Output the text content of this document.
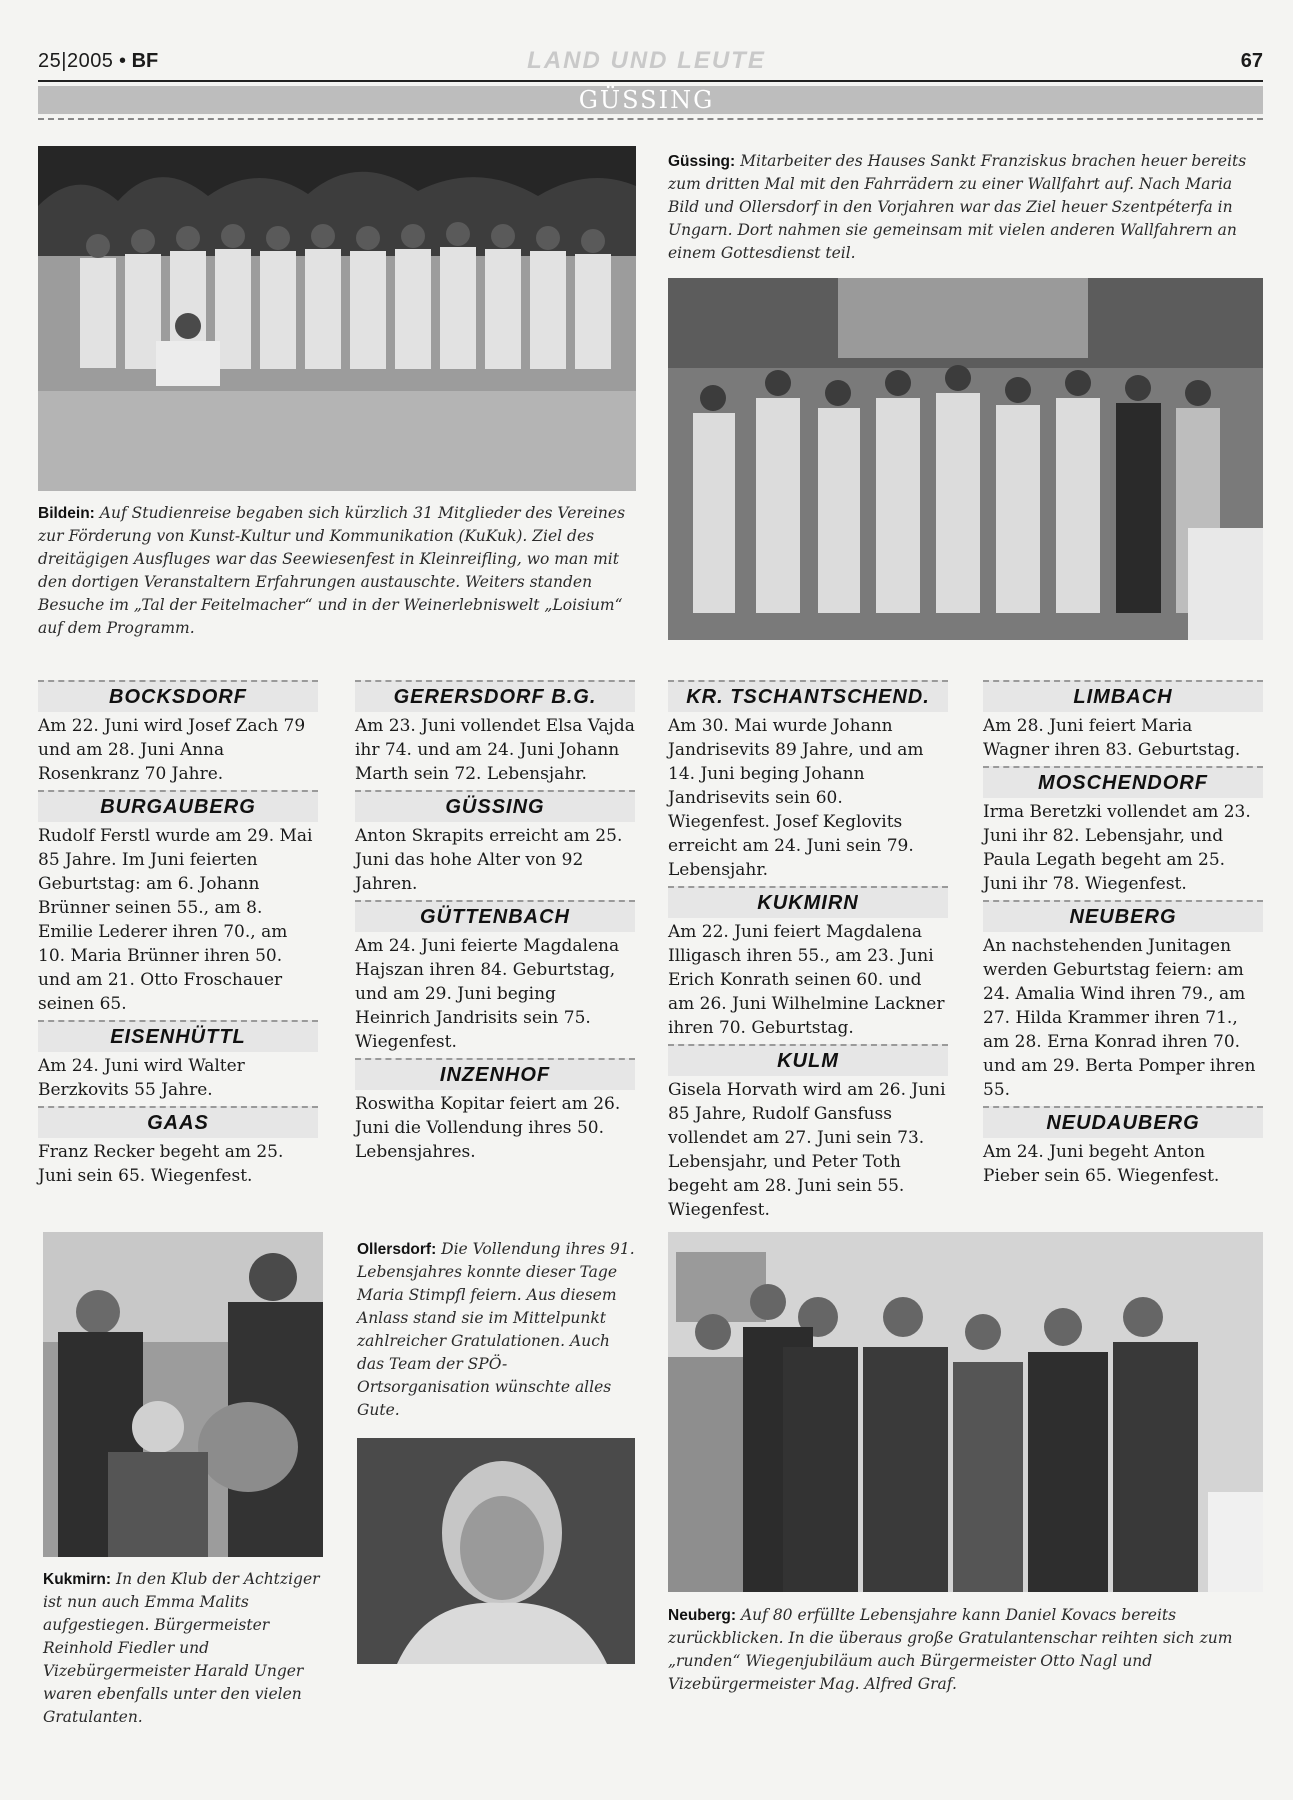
25|2005 • BF	LAND UND LEUTE	67
GÜSSING
Güssing: Mitarbeiter des Hauses Sankt Franziskus brachen heuer bereits zum dritten Mal mit den Fahrrädern zu einer Wallfahrt auf. Nach Maria Bild und Ollersdorf in den Vorjahren war das Ziel heuer Szentpéterfa in Ungarn. Dort nahmen sie gemeinsam mit vielen anderen Wallfahrern an einem Gottesdienst teil.
Bildein: Auf Studienreise begaben sich kürzlich 31 Mitglieder des Vereines zur Förderung von Kunst-Kultur und Kommunikation (KuKuk). Ziel des dreitägigen Ausfluges war das Seewiesenfest in Kleinreifling, wo man mit den dortigen Veranstaltern Erfahrungen austauschte. Weiters standen Besuche im „Tal der Feitelmacher“ und in der Weinerlebniswelt „Loisium“ auf dem Programm.
BOCKSDORF
Am 22. Juni wird Josef Zach 79 und am 28. Juni Anna Rosenkranz 70 Jahre.
BURGAUBERG
Rudolf Ferstl wurde am 29. Mai 85 Jahre. Im Juni feierten Geburtstag: am 6. Johann Brünner seinen 55., am 8. Emilie Lederer ihren 70., am 10. Maria Brünner ihren 50. und am 21. Otto Froschauer seinen 65.
EISENHÜTTL
Am 24. Juni wird Walter Berzkovits 55 Jahre.
GAAS
Franz Recker begeht am 25. Juni sein 65. Wiegenfest.
GERERSDORF B.G.
Am 23. Juni vollendet Elsa Vajda ihr 74. und am 24. Juni Johann Marth sein 72. Lebensjahr.
GÜSSING
Anton Skrapits erreicht am 25. Juni das hohe Alter von 92 Jahren.
GÜTTENBACH
Am 24. Juni feierte Magdalena Hajszan ihren 84. Geburtstag, und am 29. Juni beging Heinrich Jandrisits sein 75. Wiegenfest.
INZENHOF
Roswitha Kopitar feiert am 26. Juni die Vollendung ihres 50. Lebensjahres.
KR. TSCHANTSCHEND.
Am 30. Mai wurde Johann Jandrisevits 89 Jahre, und am 14. Juni beging Johann Jandrisevits sein 60. Wiegenfest. Josef Keglovits erreicht am 24. Juni sein 79. Lebensjahr.
KUKMIRN
Am 22. Juni feiert Magdalena Illigasch ihren 55., am 23. Juni Erich Konrath seinen 60. und am 26. Juni Wilhelmine Lackner ihren 70. Geburtstag.
KULM
Gisela Horvath wird am 26. Juni 85 Jahre, Rudolf Gansfuss vollendet am 27. Juni sein 73. Lebensjahr, und Peter Toth begeht am 28. Juni sein 55. Wiegenfest.
LIMBACH
Am 28. Juni feiert Maria Wagner ihren 83. Geburtstag.
MOSCHENDORF
Irma Beretzki vollendet am 23. Juni ihr 82. Lebensjahr, und Paula Legath begeht am 25. Juni ihr 78. Wiegenfest.
NEUBERG
An nachstehenden Junitagen werden Geburtstag feiern: am 24. Amalia Wind ihren 79., am 27. Hilda Krammer ihren 71., am 28. Erna Konrad ihren 70. und am 29. Berta Pomper ihren 55.
NEUDAUBERG
Am 24. Juni begeht Anton Pieber sein 65. Wiegenfest.
Kukmirn: In den Klub der Achtziger ist nun auch Emma Malits aufgestiegen. Bürgermeister Reinhold Fiedler und Vizebürgermeister Harald Unger waren ebenfalls unter den vielen Gratulanten.
Ollersdorf: Die Vollendung ihres 91. Lebensjahres konnte dieser Tage Maria Stimpfl feiern. Aus diesem Anlass stand sie im Mittelpunkt zahlreicher Gratulationen. Auch das Team der SPÖ-Ortsorganisation wünschte alles Gute.
Neuberg: Auf 80 erfüllte Lebensjahre kann Daniel Kovacs bereits zurückblicken. In die überaus große Gratulantenschar reihten sich zum „runden“ Wiegenjubiläum auch Bürgermeister Otto Nagl und Vizebürgermeister Mag. Alfred Graf.
